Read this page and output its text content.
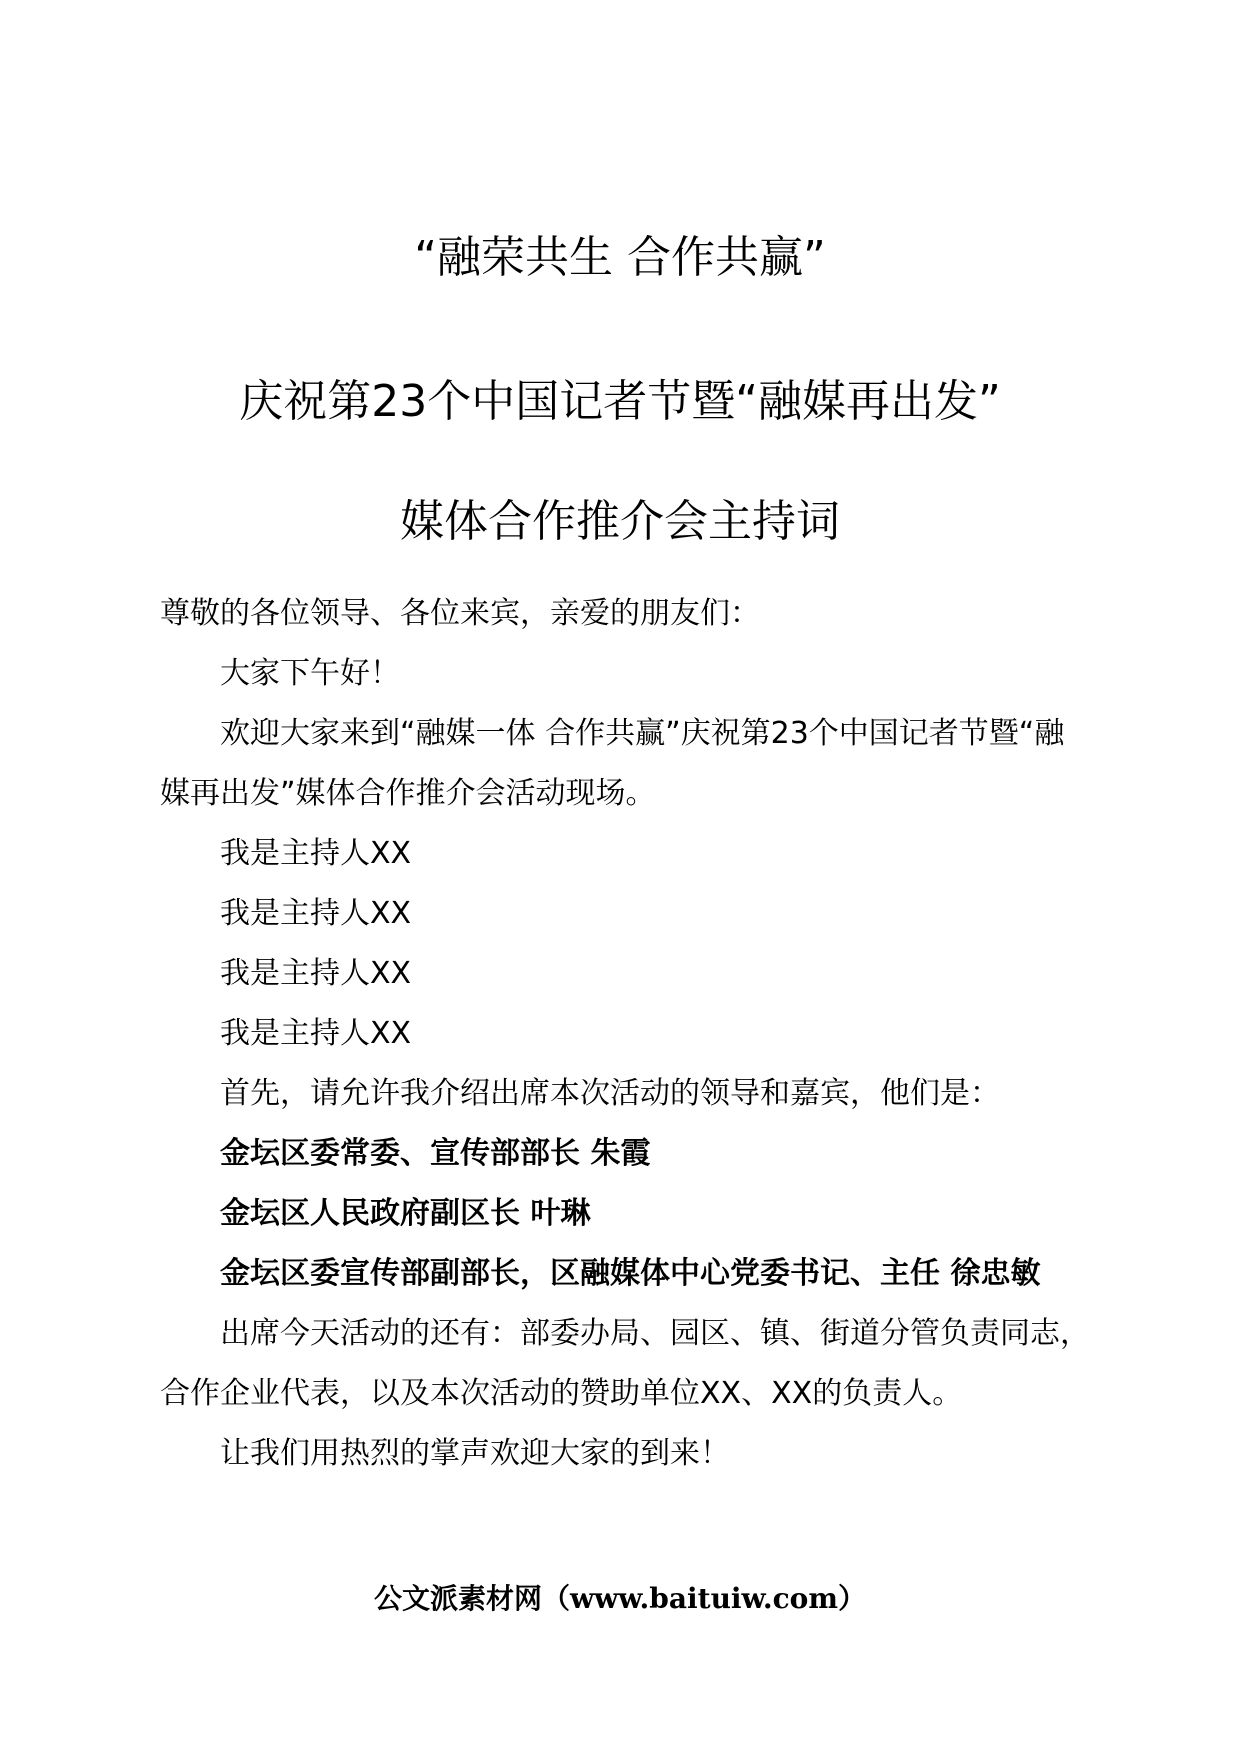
“融荣共生 合作共赢”
庆祝第23个中国记者节暨“融媒再出发”
媒体合作推介会主持词

尊敬的各位领导、各位来宾，亲爱的朋友们：

大家下午好！

欢迎大家来到“融媒一体 合作共赢”庆祝第23个中国记者节暨“融媒再出发”媒体合作推介会活动现场。

我是主持人XX

我是主持人XX

我是主持人XX

我是主持人XX

首先，请允许我介绍出席本次活动的领导和嘉宾，他们是：

金坛区委常委、宣传部部长 朱霞

金坛区人民政府副区长 叶琳

金坛区委宣传部副部长，区融媒体中心党委书记、主任 徐忠敏

出席今天活动的还有：部委办局、园区、镇、街道分管负责同志，合作企业代表，以及本次活动的赞助单位XX、XX的负责人。

让我们用热烈的掌声欢迎大家的到来！

公文派素材网（www.baituiw.com）
